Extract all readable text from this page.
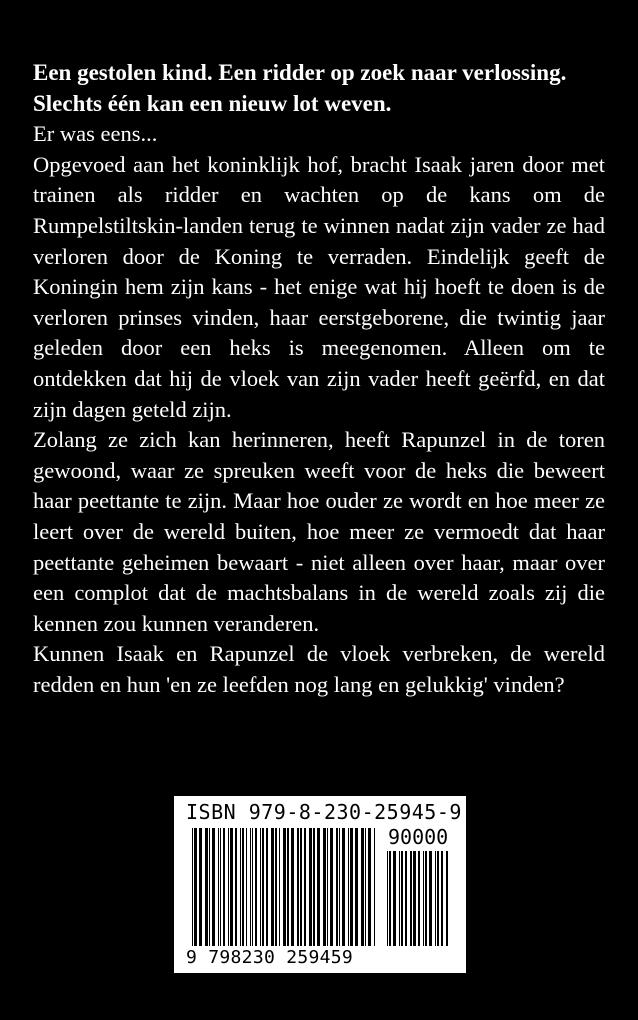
Een gestolen kind. Een ridder op zoek naar verlossing.
Slechts één kan een nieuw lot weven.

Er was eens...

Opgevoed aan het koninklijk hof, bracht Isaak jaren door met trainen als ridder en wachten op de kans om de Rumpelstiltskin-landen terug te winnen nadat zijn vader ze had verloren door de Koning te verraden. Eindelijk geeft de Koningin hem zijn kans - het enige wat hij hoeft te doen is de verloren prinses vinden, haar eerstgeborene, die twintig jaar geleden door een heks is meegenomen. Alleen om te ontdekken dat hij de vloek van zijn vader heeft geërfd, en dat zijn dagen geteld zijn.

Zolang ze zich kan herinneren, heeft Rapunzel in de toren gewoond, waar ze spreuken weeft voor de heks die beweert haar peettante te zijn. Maar hoe ouder ze wordt en hoe meer ze leert over de wereld buiten, hoe meer ze vermoedt dat haar peettante geheimen bewaart - niet alleen over haar, maar over een complot dat de machtsbalans in de wereld zoals zij die kennen zou kunnen veranderen.

Kunnen Isaak en Rapunzel de vloek verbreken, de wereld redden en hun 'en ze leefden nog lang en gelukkig' vinden?

ISBN 979-8-230-25945-9
90000
9 798230 259459
